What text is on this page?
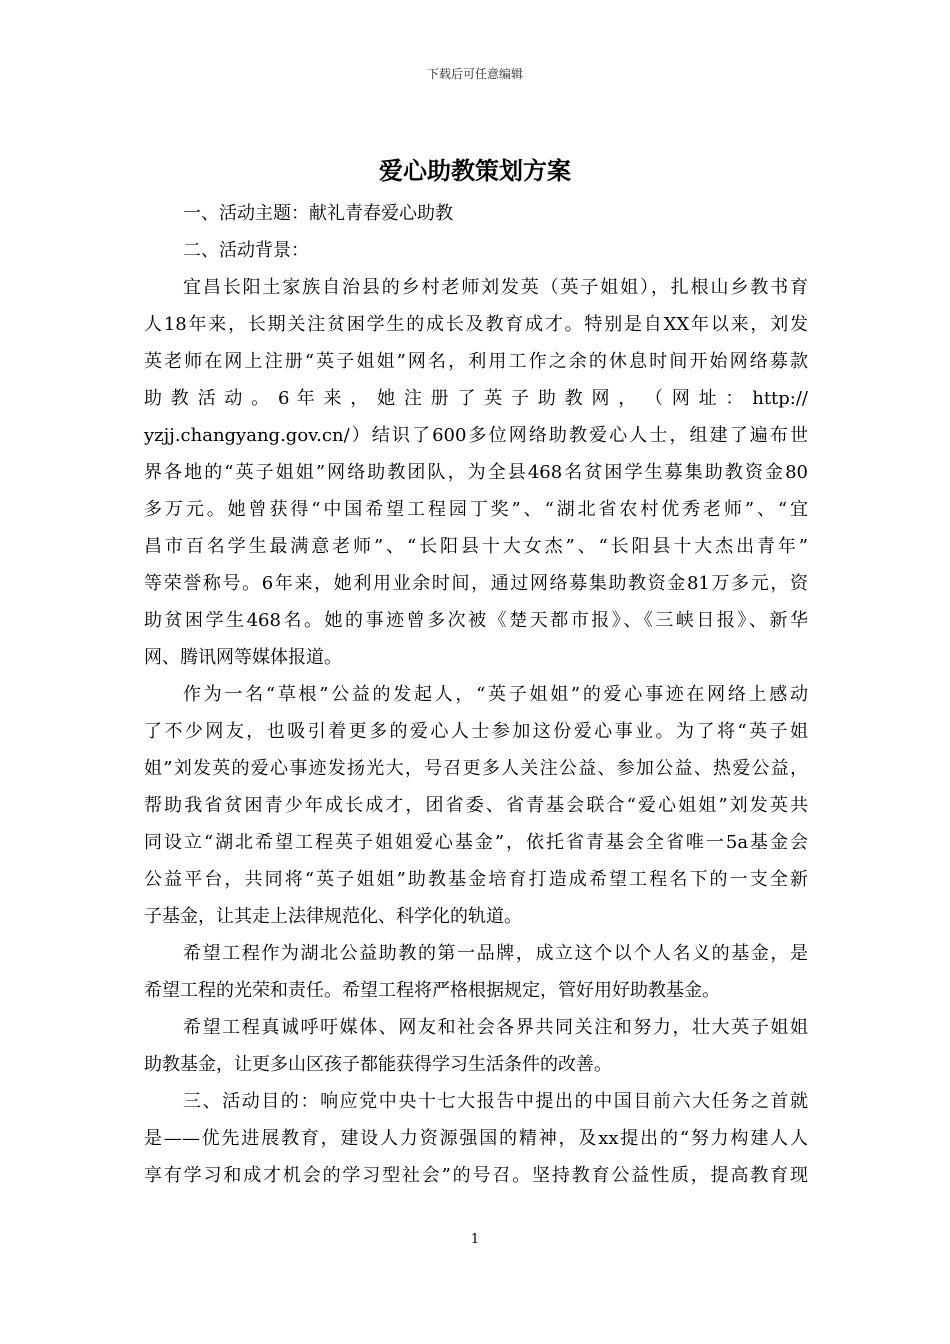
下载后可任意编辑
爱心助教策划方案

一、活动主题：献礼青春爱心助教

二、活动背景：

宜昌长阳土家族自治县的乡村老师刘发英（英子姐姐），扎根山乡教书育
人18年来，长期关注贫困学生的成长及教育成才。特别是自XX年以来，刘发
英老师在网上注册“英子姐姐”网名，利用工作之余的休息时间开始网络募款
助 教 活 动 。 6 年 来 ， 她 注 册 了 英 子 助 教 网 ， （ 网 址 ： http://
yzjj.changyang.gov.cn/）结识了600多位网络助教爱心人士，组建了遍布世
界各地的“英子姐姐”网络助教团队，为全县468名贫困学生募集助教资金80
多万元。她曾获得“中国希望工程园丁奖”、“湖北省农村优秀老师”、“宜
昌市百名学生最满意老师”、“长阳县十大女杰”、“长阳县十大杰出青年”
等荣誉称号。6年来，她利用业余时间，通过网络募集助教资金81万多元，资
助贫困学生468名。她的事迹曾多次被《楚天都市报》、《三峡日报》、新华
网、腾讯网等媒体报道。

作为一名“草根”公益的发起人，“英子姐姐”的爱心事迹在网络上感动
了不少网友，也吸引着更多的爱心人士参加这份爱心事业。为了将“英子姐
姐”刘发英的爱心事迹发扬光大，号召更多人关注公益、参加公益、热爱公益，
帮助我省贫困青少年成长成才，团省委、省青基会联合“爱心姐姐”刘发英共
同设立“湖北希望工程英子姐姐爱心基金”，依托省青基会全省唯一5a基金会
公益平台，共同将“英子姐姐”助教基金培育打造成希望工程名下的一支全新
子基金，让其走上法律规范化、科学化的轨道。

希望工程作为湖北公益助教的第一品牌，成立这个以个人名义的基金，是
希望工程的光荣和责任。希望工程将严格根据规定，管好用好助教基金。

希望工程真诚呼吁媒体、网友和社会各界共同关注和努力，壮大英子姐姐
助教基金，让更多山区孩子都能获得学习生活条件的改善。

三、活动目的：响应党中央十七大报告中提出的中国目前六大任务之首就
是——优先进展教育，建设人力资源强国的精神，及xx提出的“努力构建人人
享有学习和成才机会的学习型社会”的号召。坚持教育公益性质，提高教育现

1
